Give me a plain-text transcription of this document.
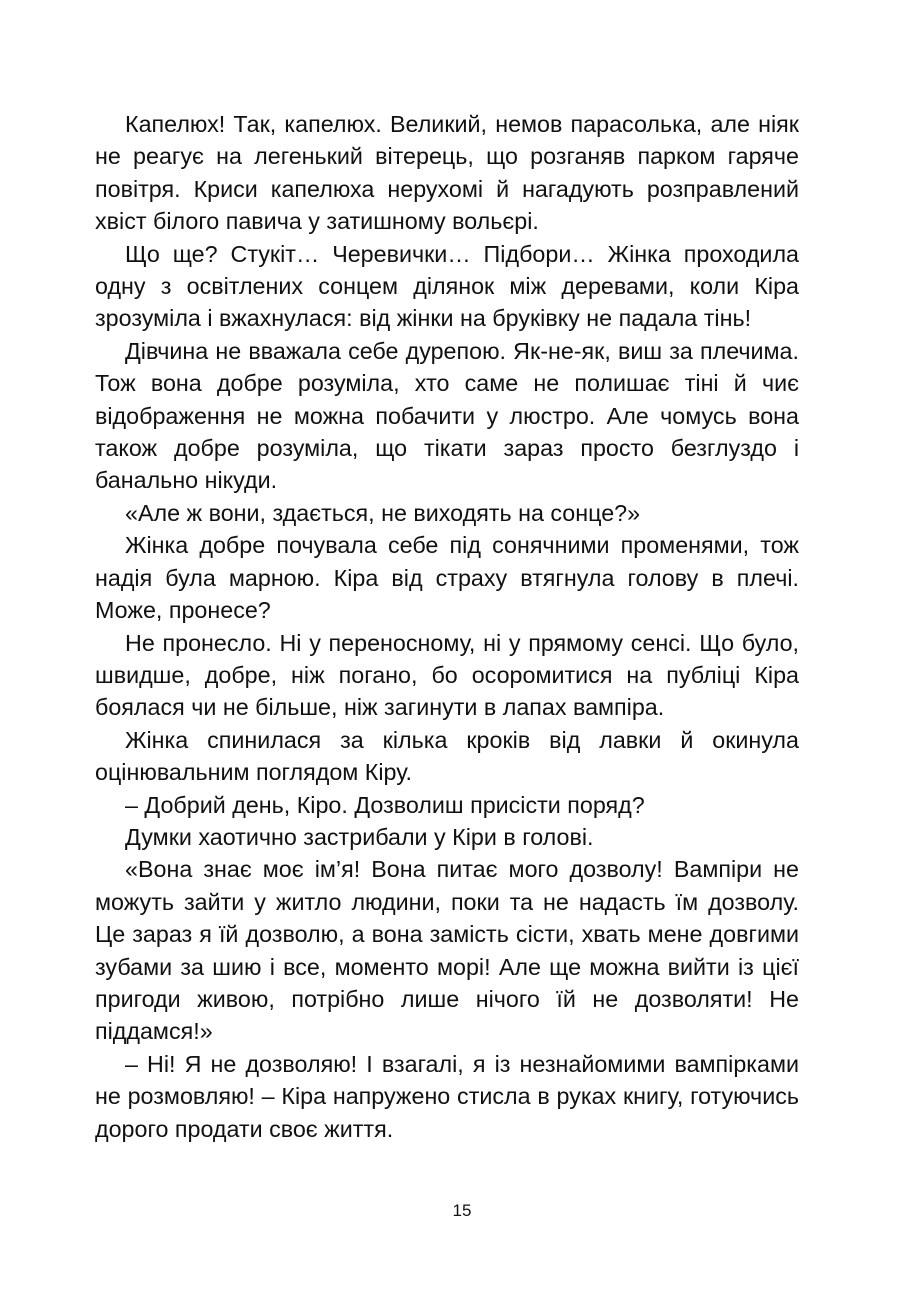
Капелюх! Так, капелюх. Великий, немов парасолька, але ніяк не реагує на легенький вітерець, що розганяв парком гаряче повітря. Криси капелюха нерухомі й нагадують розправлений хвіст білого павича у затишному вольєрі.

Що ще? Стукіт… Черевички… Підбори… Жінка проходила одну з освітлених сонцем ділянок між деревами, коли Кіра зрозуміла і вжахнулася: від жінки на бруківку не падала тінь!

Дівчина не вважала себе дурепою. Як-не-як, виш за плечима. Тож вона добре розуміла, хто саме не полишає тіні й чиє відображення не можна побачити у люстро. Але чомусь вона також добре розуміла, що тікати зараз просто безглуздо і банально нікуди.

«Але ж вони, здається, не виходять на сонце?»

Жінка добре почувала себе під сонячними променями, тож надія була марною. Кіра від страху втягнула голову в плечі. Може, пронесе?

Не пронесло. Ні у переносному, ні у прямому сенсі. Що було, швидше, добре, ніж погано, бо осоромитися на публіці Кіра боялася чи не більше, ніж загинути в лапах вампіра.

Жінка спинилася за кілька кроків від лавки й окинула оцінювальним поглядом Кіру.

– Добрий день, Кіро. Дозволиш присісти поряд?

Думки хаотично застрибали у Кіри в голові.

«Вона знає моє ім’я! Вона питає мого дозволу! Вампіри не можуть зайти у житло людини, поки та не надасть їм дозволу. Це зараз я їй дозволю, а вона замість сісти, хвать мене довгими зубами за шию і все, моменто морі! Але ще можна вийти із цієї пригоди живою, потрібно лише нічого їй не дозволяти! Не піддамся!»

– Ні! Я не дозволяю! І взагалі, я із незнайомими вампірками не розмовляю! – Кіра напружено стисла в руках книгу, готуючись дорого продати своє життя.

15
